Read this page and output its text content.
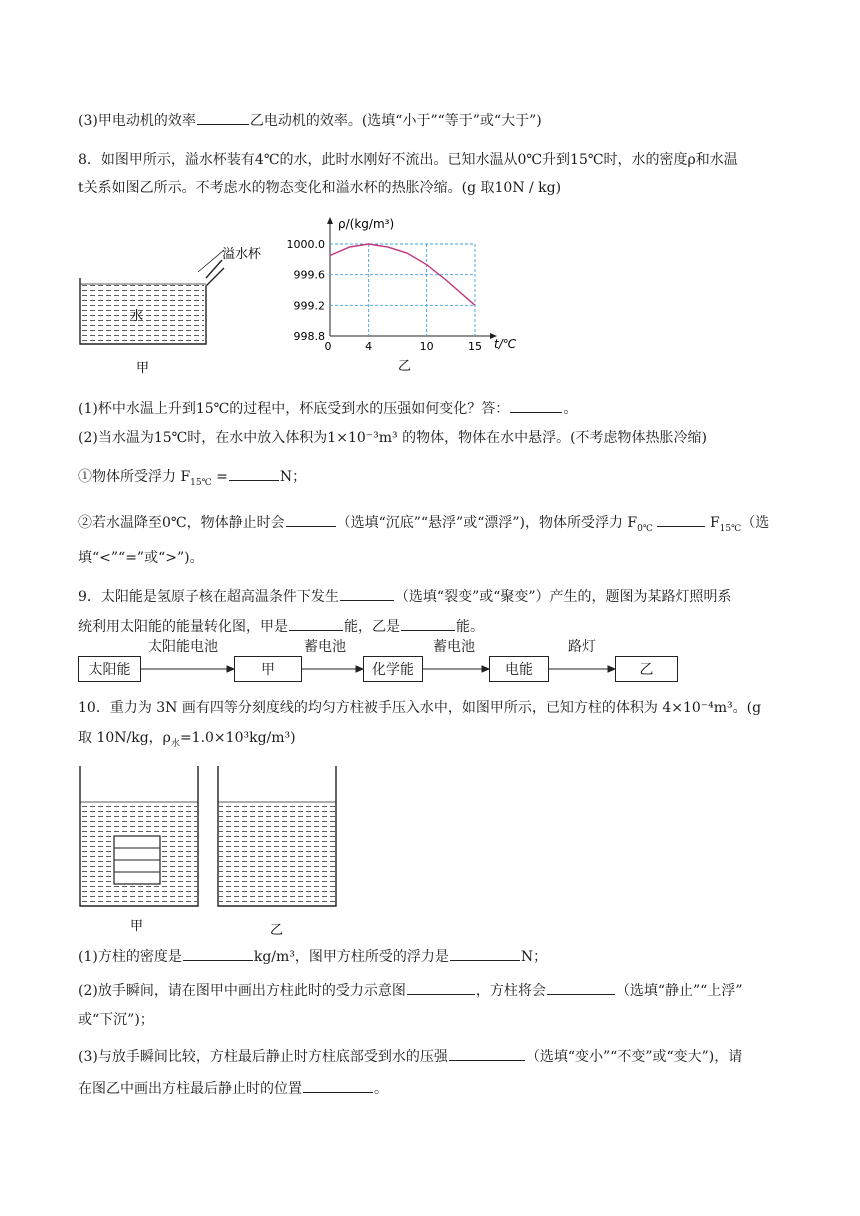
(3)甲电动机的效率	乙电动机的效率。(选填“小于”“等于”或“大于”)
8．如图甲所示，溢水杯装有4℃的水，此时水刚好不流出。已知水温从0℃升到15℃时，水的密度ρ和水温
t关系如图乙所示。不考虑水的物态变化和溢水杯的热胀冷缩。(g 取10N / kg)
溢水杯
水
甲
998.8
999.2
999.6
1000.0
0	4	10	15
ρ/(kg/m³)
t/℃
乙
(1)杯中水温上升到15℃的过程中，杯底受到水的压强如何变化？答：	。
(2)当水温为15℃时，在水中放入体积为1×10⁻³m³ 的物体，物体在水中悬浮。(不考虑物体热胀冷缩)
①物体所受浮力 $F_{15℃}$ =	N；
②若水温降至0℃，物体静止时会	（选填“沉底”“悬浮”或“漂浮”)，物体所受浮力 $F_{0℃}$	$F_{15℃}$（选
填“<”“=”或“>”)。
9．太阳能是氢原子核在超高温条件下发生	（选填“裂变”或“聚变”）产生的，题图为某路灯照明系
统利用太阳能的能量转化图，甲是	能，乙是	能。
太阳能	甲	化学能	电能	乙
太阳能电池	蓄电池	蓄电池	路灯
10．重力为 3N 画有四等分刻度线的均匀方柱被手压入水中，如图甲所示，已知方柱的体积为 4×10⁻⁴m³。(g
取 10N/kg，$\rho_水=1.0\times 10^3kg/m^3$)
甲	乙
(1)方柱的密度是	kg/m³，图甲方柱所受的浮力是	N；
(2)放手瞬间，请在图甲中画出方柱此时的受力示意图	，方柱将会	（选填“静止”“上浮”
或“下沉”)；
(3)与放手瞬间比较，方柱最后静止时方柱底部受到水的压强	（选填“变小”“不变”或“变大”)，请
在图乙中画出方柱最后静止时的位置	。
